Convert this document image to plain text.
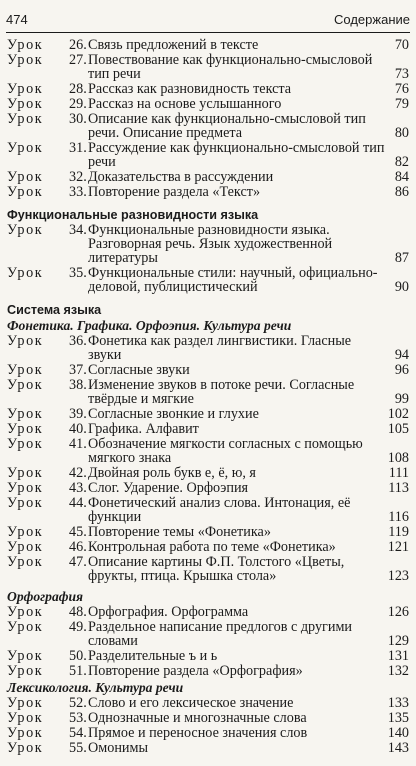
474	Содержание
Урок 26. Связь предложений в тексте	70
Урок 27. Повествование как функционально-смысловой тип речи	73
Урок 28. Рассказ как разновидность текста	76
Урок 29. Рассказ на основе услышанного	79
Урок 30. Описание как функционально-смысловой тип речи. Описание предмета	80
Урок 31. Рассуждение как функционально-смысловой тип речи	82
Урок 32. Доказательства в рассуждении	84
Урок 33. Повторение раздела «Текст»	86
Функциональные разновидности языка
Урок 34. Функциональные разновидности языка. Разговорная речь. Язык художественной литературы	87
Урок 35. Функциональные стили: научный, официально-деловой, публицистический	90
Система языка
Фонетика. Графика. Орфоэпия. Культура речи
Урок 36. Фонетика как раздел лингвистики. Гласные звуки	94
Урок 37. Согласные звуки	96
Урок 38. Изменение звуков в потоке речи. Согласные твёрдые и мягкие	99
Урок 39. Согласные звонкие и глухие	102
Урок 40. Графика. Алфавит	105
Урок 41. Обозначение мягкости согласных с помощью мягкого знака	108
Урок 42. Двойная роль букв е, ё, ю, я	111
Урок 43. Слог. Ударение. Орфоэпия	113
Урок 44. Фонетический анализ слова. Интонация, её функции	116
Урок 45. Повторение темы «Фонетика»	119
Урок 46. Контрольная работа по теме «Фонетика»	121
Урок 47. Описание картины Ф.П. Толстого «Цветы, фрукты, птица. Крышка стола»	123
Орфография
Урок 48. Орфография. Орфограмма	126
Урок 49. Раздельное написание предлогов с другими словами	129
Урок 50. Разделительные ъ и ь	131
Урок 51. Повторение раздела «Орфография»	132
Лексикология. Культура речи
Урок 52. Слово и его лексическое значение	133
Урок 53. Однозначные и многозначные слова	135
Урок 54. Прямое и переносное значения слов	140
Урок 55. Омонимы	143
